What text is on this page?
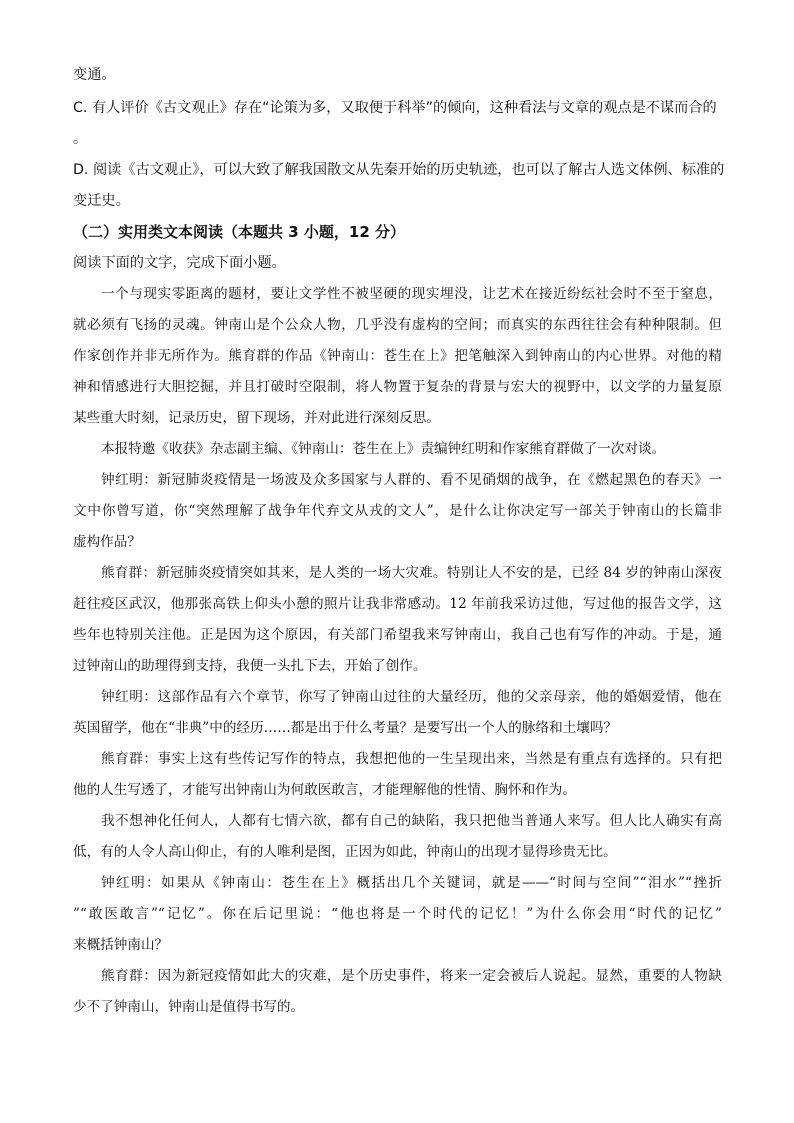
变通。

C. 有人评价《古文观止》存在“论策为多，又取便于科举”的倾向，这种看法与文章的观点是不谋而合的

。

D. 阅读《古文观止》，可以大致了解我国散文从先秦开始的历史轨迹，也可以了解古人选文体例、标准的

变迁史。

（二）实用类文本阅读（本题共 3 小题，12 分）

阅读下面的文字，完成下面小题。

一个与现实零距离的题材，要让文学性不被坚硬的现实埋没，让艺术在接近纷纭社会时不至于窒息，

就必须有飞扬的灵魂。钟南山是个公众人物，几乎没有虚构的空间；而真实的东西往往会有种种限制。但

作家创作并非无所作为。熊育群的作品《钟南山：苍生在上》把笔触深入到钟南山的内心世界。对他的精

神和情感进行大胆挖掘，并且打破时空限制，将人物置于复杂的背景与宏大的视野中，以文学的力量复原

某些重大时刻，记录历史，留下现场，并对此进行深刻反思。

本报特邀《收获》杂志副主编、《钟南山：苍生在上》责编钟红明和作家熊育群做了一次对谈。

钟红明：新冠肺炎疫情是一场波及众多国家与人群的、看不见硝烟的战争，在《燃起黑色的春天》一

文中你曾写道，你“突然理解了战争年代弃文从戎的文人”，是什么让你决定写一部关于钟南山的长篇非

虚构作品？

熊育群：新冠肺炎疫情突如其来，是人类的一场大灾难。特别让人不安的是，已经 84 岁的钟南山深夜

赶往疫区武汉，他那张高铁上仰头小憩的照片让我非常感动。12 年前我采访过他，写过他的报告文学，这

些年也特别关注他。正是因为这个原因，有关部门希望我来写钟南山，我自己也有写作的冲动。于是，通

过钟南山的助理得到支持，我便一头扎下去，开始了创作。

钟红明：这部作品有六个章节，你写了钟南山过往的大量经历，他的父亲母亲，他的婚姻爱情，他在

英国留学，他在“非典”中的经历……都是出于什么考量？是要写出一个人的脉络和土壤吗？

熊育群：事实上这有些传记写作的特点，我想把他的一生呈现出来，当然是有重点有选择的。只有把

他的人生写透了，才能写出钟南山为何敢医敢言，才能理解他的性情、胸怀和作为。

我不想神化任何人，人都有七情六欲，都有自己的缺陷，我只把他当普通人来写。但人比人确实有高

低，有的人令人高山仰止，有的人唯利是图，正因为如此，钟南山的出现才显得珍贵无比。

钟红明：如果从《钟南山：苍生在上》概括出几个关键词，就是——“时间与空间”“泪水”“挫折

”“敢医敢言”“记忆”。你在后记里说：“他也将是一个时代的记忆！”为什么你会用“时代的记忆”

来概括钟南山？

熊育群：因为新冠疫情如此大的灾难，是个历史事件，将来一定会被后人说起。显然，重要的人物缺

少不了钟南山，钟南山是值得书写的。
